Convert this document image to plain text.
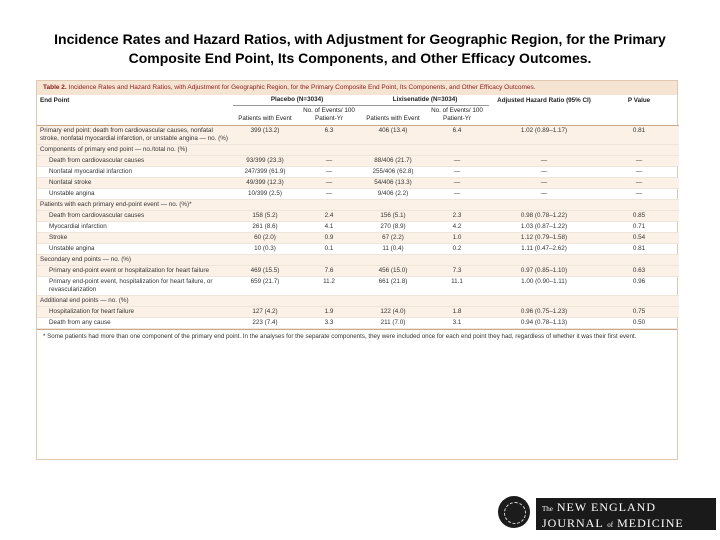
Incidence Rates and Hazard Ratios, with Adjustment for Geographic Region, for the Primary
Composite End Point, Its Components, and Other Efficacy Outcomes.
Table 2. Incidence Rates and Hazard Ratios, with Adjustment for Geographic Region, for the Primary Composite End Point, Its Components, and Other Efficacy Outcomes.
End Point	Placebo (N=3034)		Lixisenatide (N=3034)		Adjusted Hazard Ratio (95% CI)	P Value
	Patients with Event	No. of Events/ 100 Patient-Yr	Patients with Event	No. of Events/ 100 Patient-Yr		
Primary end point: death from cardiovascular causes, nonfatal stroke, nonfatal myocardial infarction, or unstable angina — no. (%)	399 (13.2)	6.3	406 (13.4)	6.4	1.02 (0.89–1.17)	0.81
Components of primary end point — no./total no. (%)						
Death from cardiovascular causes	93/399 (23.3)	—	88/406 (21.7)	—	—	—
Nonfatal myocardial infarction	247/399 (61.9)	—	255/406 (62.8)	—	—	—
Nonfatal stroke	49/399 (12.3)	—	54/406 (13.3)	—	—	—
Unstable angina	10/399 (2.5)	—	9/406 (2.2)	—	—	—
Patients with each primary end-point event — no. (%)*						
Death from cardiovascular causes	158 (5.2)	2.4	156 (5.1)	2.3	0.98 (0.78–1.22)	0.85
Myocardial infarction	261 (8.6)	4.1	270 (8.9)	4.2	1.03 (0.87–1.22)	0.71
Stroke	60 (2.0)	0.9	67 (2.2)	1.0	1.12 (0.79–1.58)	0.54
Unstable angina	10 (0.3)	0.1	11 (0.4)	0.2	1.11 (0.47–2.62)	0.81
Secondary end points — no. (%)						
Primary end-point event or hospitalization for heart failure	469 (15.5)	7.6	456 (15.0)	7.3	0.97 (0.85–1.10)	0.63
Primary end-point event, hospitalization for heart failure, or revascularization	659 (21.7)	11.2	661 (21.8)	11.1	1.00 (0.90–1.11)	0.96
Additional end points — no. (%)						
Hospitalization for heart failure	127 (4.2)	1.9	122 (4.0)	1.8	0.96 (0.75–1.23)	0.75
Death from any cause	223 (7.4)	3.3	211 (7.0)	3.1	0.94 (0.78–1.13)	0.50
* Some patients had more than one component of the primary end point. In the analyses for the separate components, they were included once for each end point they had, regardless of whether it was their first event.
The NEW ENGLAND
JOURNAL of MEDICINE
